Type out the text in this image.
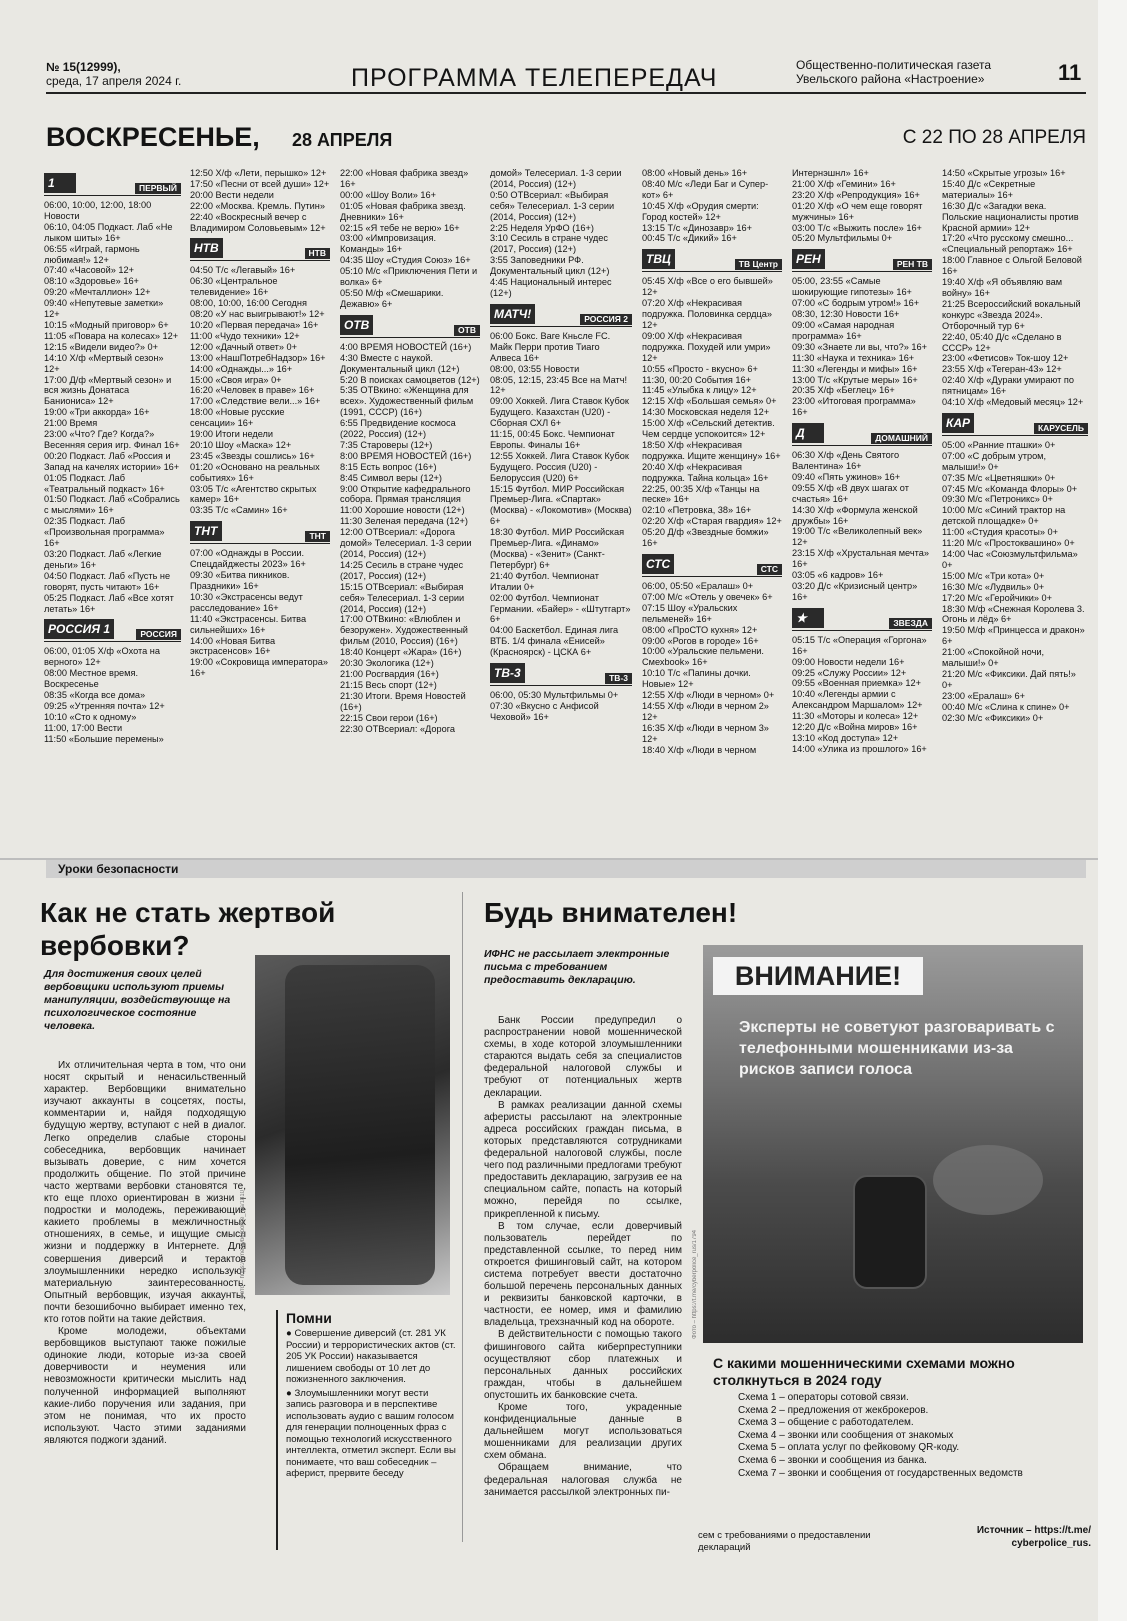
№ 15(12999),
среда, 17 апреля 2024 г.	ПРОГРАММА ТЕЛЕПЕРЕДАЧ	Общественно-политическая газета
Увельского района «Настроение»	11
ВОСКРЕСЕНЬЕ, 28 АПРЕЛЯ	С 22 ПО 28 АПРЕЛЯ
1	ПЕРВЫЙ

06:00, 10:00, 12:00, 18:00 Новости

06:10, 04:05 Подкаст. Лаб «Не лыком шиты» 16+

06:55 «Играй, гармонь любимая!» 12+

07:40 «Часовой» 12+

08:10 «Здоровье» 16+

09:20 «Мечталлион» 12+

09:40 «Непутевые заметки» 12+

10:15 «Модный приговор» 6+

11:05 «Повара на колесах» 12+

12:15 «Видели видео?» 0+

14:10 Х/ф «Мертвый сезон» 12+

17:00 Д/ф «Мертвый сезон» и вся жизнь Донатаса Баниониса» 12+

19:00 «Три аккорда» 16+

21:00 Время

23:00 «Что? Где? Когда?» Весенняя серия игр. Финал 16+

00:20 Подкаст. Лаб «Россия и Запад на качелях истории» 16+

01:05 Подкаст. Лаб «Театральный подкаст» 16+

01:50 Подкаст. Лаб «Собрались с мыслями» 16+

02:35 Подкаст. Лаб «Произвольная программа» 16+

03:20 Подкаст. Лаб «Легкие деньги» 16+

04:50 Подкаст. Лаб «Пусть не говорят, пусть читают» 16+

05:25 Подкаст. Лаб «Все хотят летать» 16+

РОССИЯ 1	РОССИЯ

06:00, 01:05 Х/ф «Охота на верного» 12+

08:00 Местное время. Воскресенье

08:35 «Когда все дома»

09:25 «Утренняя почта» 12+

10:10 «Сто к одному»

11:00, 17:00 Вести

11:50 «Большие перемены»

12:50 Х/ф «Лети, перышко» 12+

17:50 «Песни от всей души» 12+

20:00 Вести недели

22:00 «Москва. Кремль. Путин»

22:40 «Воскресный вечер с Владимиром Соловьевым» 12+

НТВ	НТВ

04:50 Т/с «Легавый» 16+

06:30 «Центральное телевидение» 16+

08:00, 10:00, 16:00 Сегодня

08:20 «У нас выигрывают!» 12+

10:20 «Первая передача» 16+

11:00 «Чудо техники» 12+

12:00 «Дачный ответ» 0+

13:00 «НашПотребНадзор» 16+

14:00 «Однажды...» 16+

15:00 «Своя игра» 0+

16:20 «Человек в праве» 16+

17:00 «Следствие вели...» 16+

18:00 «Новые русские сенсации» 16+

19:00 Итоги недели

20:10 Шоу «Маска» 12+

23:45 «Звезды сошлись» 16+

01:20 «Основано на реальных событиях» 16+

03:05 Т/с «Агентство скрытых камер» 16+

03:35 Т/с «Самин» 16+

ТНТ	ТНТ

07:00 «Однажды в России. Спецдайджесты 2023» 16+

09:30 «Битва пикников. Праздники» 16+

10:30 «Экстрасенсы ведут расследование» 16+

11:40 «Экстрасенсы. Битва сильнейших» 16+

14:00 «Новая Битва экстрасенсов» 16+

19:00 «Сокровища императора» 16+

22:00 «Новая фабрика звезд» 16+

00:00 «Шоу Воли» 16+

01:05 «Новая фабрика звезд. Дневники» 16+

02:15 «Я тебе не верю» 16+

03:00 «Импровизация. Команды» 16+

04:35 Шоу «Студия Союз» 16+

05:10 М/с «Приключения Пети и волка» 6+

05:50 М/ф «Смешарики. Дежавю» 6+

ОТВ	ОТВ

4:00 ВРЕМЯ НОВОСТЕЙ (16+)

4:30 Вместе с наукой. Документальный цикл (12+)

5:20 В поисках самоцветов (12+)

5:35 ОТВкино: «Женщина для всех». Художественный фильм (1991, СССР) (16+)

6:55 Предвидение космоса (2022, Россия) (12+)

7:35 Староверы (12+)

8:00 ВРЕМЯ НОВОСТЕЙ (16+)

8:15 Есть вопрос (16+)

8:45 Символ веры (12+)

9:00 Открытие кафедрального собора. Прямая трансляция

11:00 Хорошие новости (12+)

11:30 Зеленая передача (12+)

12:00 ОТВсериал: «Дорога домой» Телесериал. 1-3 серии (2014, Россия) (12+)

14:25 Сесиль в стране чудес (2017, Россия) (12+)

15:15 ОТВсериал: «Выбирая себя» Телесериал. 1-3 серии (2014, Россия) (12+)

17:00 ОТВкино: «Влюблен и безоружен». Художественный фильм (2010, Россия) (16+)

18:40 Концерт «Жара» (16+)

20:30 Экологика (12+)

21:00 Росгвардия (16+)

21:15 Весь спорт (12+)

21:30 Итоги. Время Новостей (16+)

22:15 Свои герои (16+)

22:30 ОТВсериал: «Дорога

домой» Телесериал. 1-3 серии (2014, Россия) (12+)

0:50 ОТВсериал: «Выбирая себя» Телесериал. 1-3 серии (2014, Россия) (12+)

2:25 Неделя УрФО (16+)

3:10 Сесиль в стране чудес (2017, Россия) (12+)

3:55 Заповедники РФ. Документальный цикл (12+)

4:45 Национальный интерес (12+)

МАТЧ!	РОССИЯ 2

06:00 Бокс. Ваге Кньсле FC. Майк Перри против Тиаго Алвеса 16+

08:00, 03:55 Новости

08:05, 12:15, 23:45 Все на Матч! 12+

09:00 Хоккей. Лига Ставок Кубок Будущего. Казахстан (U20) - Сборная СХЛ 6+

11:15, 00:45 Бокс. Чемпионат Европы. Финалы 16+

12:55 Хоккей. Лига Ставок Кубок Будущего. Россия (U20) - Белоруссия (U20) 6+

15:15 Футбол. МИР Российская Премьер-Лига. «Спартак» (Москва) - «Локомотив» (Москва) 6+

18:30 Футбол. МИР Российская Премьер-Лига. «Динамо» (Москва) - «Зенит» (Санкт-Петербург) 6+

21:40 Футбол. Чемпионат Италии 0+

02:00 Футбол. Чемпионат Германии. «Байер» - «Штутгарт» 6+

04:00 Баскетбол. Единая лига ВТБ. 1/4 финала «Енисей» (Красноярск) - ЦСКА 6+

ТВ-3	ТВ-3

06:00, 05:30 Мультфильмы 0+

07:30 «Вкусно с Анфисой Чеховой» 16+

08:00 «Новый день» 16+

08:40 М/с «Леди Баг и Супер-кот» 6+

10:45 Х/ф «Орудия смерти: Город костей» 12+

13:15 Т/с «Динозавр» 16+

00:45 Т/с «Дикий» 16+

ТВЦ	ТВ Центр

05:45 Х/ф «Все о его бывшей» 12+

07:20 Х/ф «Некрасивая подружка. Половинка сердца» 12+

09:00 Х/ф «Некрасивая подружка. Похудей или умри» 12+

10:55 «Просто - вкусно» 6+

11:30, 00:20 События 16+

11:45 «Улыбка к лицу» 12+

12:15 Х/ф «Большая семья» 0+

14:30 Московская неделя 12+

15:00 Х/ф «Сельский детектив. Чем сердце успокоится» 12+

18:50 Х/ф «Некрасивая подружка. Ищите женщину» 16+

20:40 Х/ф «Некрасивая подружка. Тайна кольца» 16+

22:25, 00:35 Х/ф «Танцы на песке» 16+

02:10 «Петровка, 38» 16+

02:20 Х/ф «Старая гвардия» 12+

05:20 Д/ф «Звездные бомжи» 16+

СТС	СТС

06:00, 05:50 «Ералаш» 0+

07:00 М/с «Отель у овечек» 6+

07:15 Шоу «Уральских пельменей» 16+

08:00 «ПроСТО кухня» 12+

09:00 «Рогов в городе» 16+

10:00 «Уральские пельмени. Смехbook» 16+

10:10 Т/с «Папины дочки. Новые» 12+

12:55 Х/ф «Люди в черном» 0+

14:55 Х/ф «Люди в черном 2» 12+

16:35 Х/ф «Люди в черном 3» 12+

18:40 Х/ф «Люди в черном

Интернэшнл» 16+

21:00 Х/ф «Гемини» 16+

23:20 Х/ф «Репродукция» 16+

01:20 Х/ф «О чем еще говорят мужчины» 16+

03:00 Т/с «Выжить после» 16+

05:20 Мультфильмы 0+

РЕН	РЕН ТВ

05:00, 23:55 «Самые шокирующие гипотезы» 16+

07:00 «С бодрым утром!» 16+

08:30, 12:30 Новости 16+

09:00 «Самая народная программа» 16+

09:30 «Знаете ли вы, что?» 16+

11:30 «Наука и техника» 16+

11:30 «Легенды и мифы» 16+

13:00 Т/с «Крутые меры» 16+

20:35 Х/ф «Беглец» 16+

23:00 «Итоговая программа» 16+

Д	ДОМАШНИЙ

06:30 Х/ф «День Святого Валентина» 16+

09:40 «Пять ужинов» 16+

09:55 Х/ф «В двух шагах от счастья» 16+

14:30 Х/ф «Формула женской дружбы» 16+

19:00 Т/с «Великолепный век» 12+

23:15 Х/ф «Хрустальная мечта» 16+

03:05 «6 кадров» 16+

03:20 Д/с «Кризисный центр» 16+

★	ЗВЕЗДА

05:15 Т/с «Операция «Горгона» 16+

09:00 Новости недели 16+

09:25 «Служу России» 12+

09:55 «Военная приемка» 12+

10:40 «Легенды армии с Александром Маршалом» 12+

11:30 «Моторы и колеса» 12+

12:20 Д/с «Война миров» 16+

13:10 «Код доступа» 12+

14:00 «Улика из прошлого» 16+

14:50 «Скрытые угрозы» 16+

15:40 Д/с «Секретные материалы» 16+

16:30 Д/с «Загадки века. Польские националисты против Красной армии» 12+

17:20 «Что русскому смешно... «Специальный репортаж» 16+

18:00 Главное с Ольгой Беловой 16+

19:40 Х/ф «Я объявляю вам войну» 16+

21:25 Всероссийский вокальный конкурс «Звезда 2024». Отборочный тур 6+

22:40, 05:40 Д/с «Сделано в СССР» 12+

23:00 «Фетисов» Ток-шоу 12+

23:55 Х/ф «Тегеран-43» 12+

02:40 Х/ф «Дураки умирают по пятницам» 16+

04:10 Х/ф «Медовый месяц» 12+

КАР	КАРУСЕЛЬ

05:00 «Ранние пташки» 0+

07:00 «С добрым утром, малыши!» 0+

07:35 М/с «Цветняшки» 0+

07:45 М/с «Команда Флоры» 0+

09:30 М/с «Петроникс» 0+

10:00 М/с «Синий трактор на детской площадке» 0+

11:00 «Студия красоты» 0+

11:20 М/с «Простоквашино» 0+

14:00 Час «Союзмультфильма» 0+

15:00 М/с «Три кота» 0+

16:30 М/с «Лудвиль» 0+

17:20 М/с «Геройчики» 0+

18:30 М/ф «Снежная Королева 3. Огонь и лёд» 6+

19:50 М/ф «Принцесса и дракон» 6+

21:00 «Спокойной ночи, малыши!» 0+

21:20 М/с «Фиксики. Дай пять!» 0+

23:00 «Ералаш» 6+

00:40 М/с «Слина к спине» 0+

02:30 М/с «Фиксики» 0+

Уроки безопасности
Как не стать жертвой вербовки?
Для достижения своих целей вербовщики используют приемы манипуляции, воздействуюище на психологическое состояние человека.

Их отличительная черта в том, что они носят скрытый и ненасильственный характер. Вербовщики внимательно изучают аккаунты в соцсетях, посты, комментарии и, найдя подходящую будущую жертву, вступают с ней в диалог. Легко определив слабые стороны собеседника, вербовщик начинает вызывать доверие, с ним хочется продолжить общение. По этой причине часто жертвами вербовки становятся те, кто еще плохо ориентирован в жизни – подростки и молодежь, переживающие какието проблемы в межличностных отношениях, в семье, и ищущие смысл жизни и поддержку в Интернете. Для совершения диверсий и терактов злоумышленники нередко используют материальную заинтересованность. Опытный вербовщик, изучая аккаунты, почти безошибочно выбирает именно тех, кто готов пойти на такие действия.

Кроме молодежи, объектами вербовщиков выступают также пожилые одинокие люди, которые из-за своей доверчивости и неумения или невозможности критически мыслить над полученной информацией выполняют какие-либо поручения или задания, при этом не понимая, что их просто используют. Часто этими заданиями являются поджоги зданий.

Фото – https://t.me/cyberpolice_rus/1810
Помни

● Совершение диверсий (ст. 281 УК России) и террористических актов (ст. 205 УК России) наказывается лишением свободы от 10 лет до пожизненного заключения.

● Злоумышленники могут вести запись разговора и в перспективе использовать аудио с вашим голосом для генерации полноценных фраз с помощью технологий искусственного интеллекта, отметил эксперт. Если вы понимаете, что ваш собеседник – аферист, прервите беседу

Будь внимателен!
ИФНС не рассылает электронные письма с требованием предоставить декларацию.

Банк России предупредил о распространении новой мошеннической схемы, в ходе которой злоумышленники стараются выдать себя за специалистов федеральной налоговой службы и требуют от потенциальных жертв декларации.

В рамках реализации данной схемы аферисты рассылают на электронные адреса российских граждан письма, в которых представляются сотрудниками федеральной налоговой службы, после чего под различными предлогами требуют предоставить декларацию, загрузив ее на специальном сайте, попасть на который можно, перейдя по ссылке, прикрепленной к письму.

В том случае, если доверчивый пользователь перейдет по представленной ссылке, то перед ним откроется фишинговый сайт, на котором система потребует ввести достаточно большой перечень персональных данных и реквизиты банковской карточки, в частности, ее номер, имя и фамилию владельца, трехзначный код на обороте.

В действительности с помощью такого фишингового сайта киберпреступники осуществляют сбор платежных и персональных данных российских граждан, чтобы в дальнейшем опустошить их банковские счета.

Кроме того, украденные конфиденциальные данные в дальнейшем могут использоваться мошенниками для реализации других схем обмана.

Обращаем внимание, что федеральная налоговая служба не занимается рассылкой электронных пи-

ВНИМАНИЕ!
Эксперты не советуют разговаривать с телефонными мошенниками из-за рисков записи голоса
Фото – https://t.me/cyberpolice_rus/1794
С какими мошенническими схемами можно столкнуться в 2024 году

Схема 1 – операторы сотовой связи.

Схема 2 – предложения от жекброкеров.

Схема 3 – общение с работодателем.

Схема 4 – звонки или сообщения от знакомых

Схема 5 – оплата услуг по фейковому QR-коду.

Схема 6 – звонки и сообщения из банка.

Схема 7 – звонки и сообщения от государственных ведомств

сем с требованиями о предоставлении деклараций
Источник – https://t.me/
cyberpolice_rus.
